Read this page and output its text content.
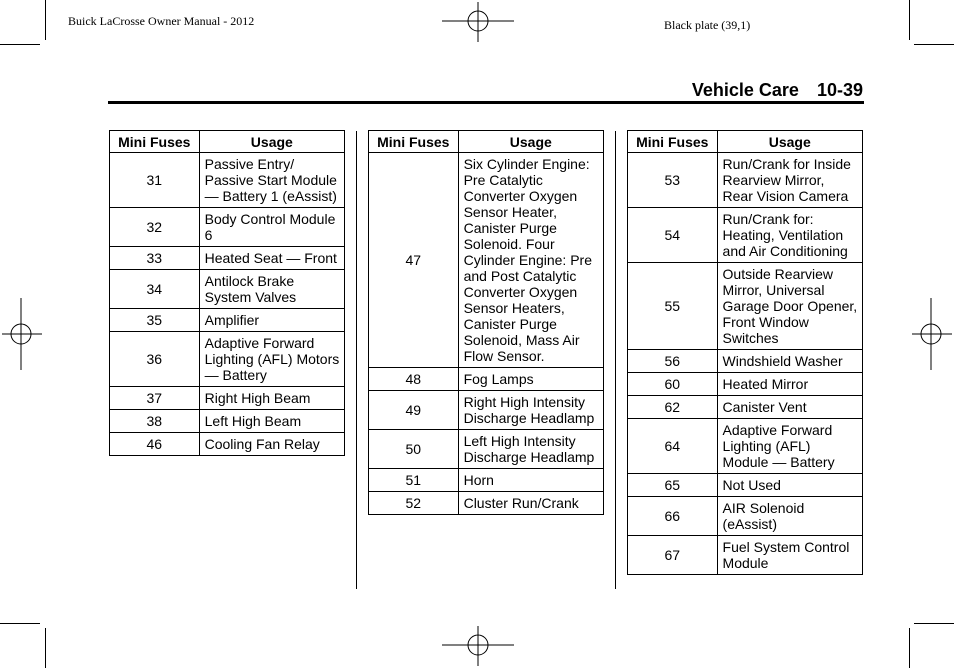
Buick LaCrosse Owner Manual - 2012	Black plate (39,1)
Vehicle Care 10-39
Mini Fuses	Usage
31	Passive Entry/ Passive Start Module — Battery 1 (eAssist)
32	Body Control Module 6
33	Heated Seat — Front
34	Antilock Brake System Valves
35	Amplifier
36	Adaptive Forward Lighting (AFL) Motors — Battery
37	Right High Beam
38	Left High Beam
46	Cooling Fan Relay
Mini Fuses	Usage
47	Six Cylinder Engine: Pre Catalytic Converter Oxygen Sensor Heater, Canister Purge Solenoid. Four Cylinder Engine: Pre and Post Catalytic Converter Oxygen Sensor Heaters, Canister Purge Solenoid, Mass Air Flow Sensor.
48	Fog Lamps
49	Right High Intensity Discharge Headlamp
50	Left High Intensity Discharge Headlamp
51	Horn
52	Cluster Run/Crank
Mini Fuses	Usage
53	Run/Crank for Inside Rearview Mirror, Rear Vision Camera
54	Run/Crank for: Heating, Ventilation and Air Conditioning
55	Outside Rearview Mirror, Universal Garage Door Opener, Front Window Switches
56	Windshield Washer
60	Heated Mirror
62	Canister Vent
64	Adaptive Forward Lighting (AFL) Module — Battery
65	Not Used
66	AIR Solenoid (eAssist)
67	Fuel System Control Module
